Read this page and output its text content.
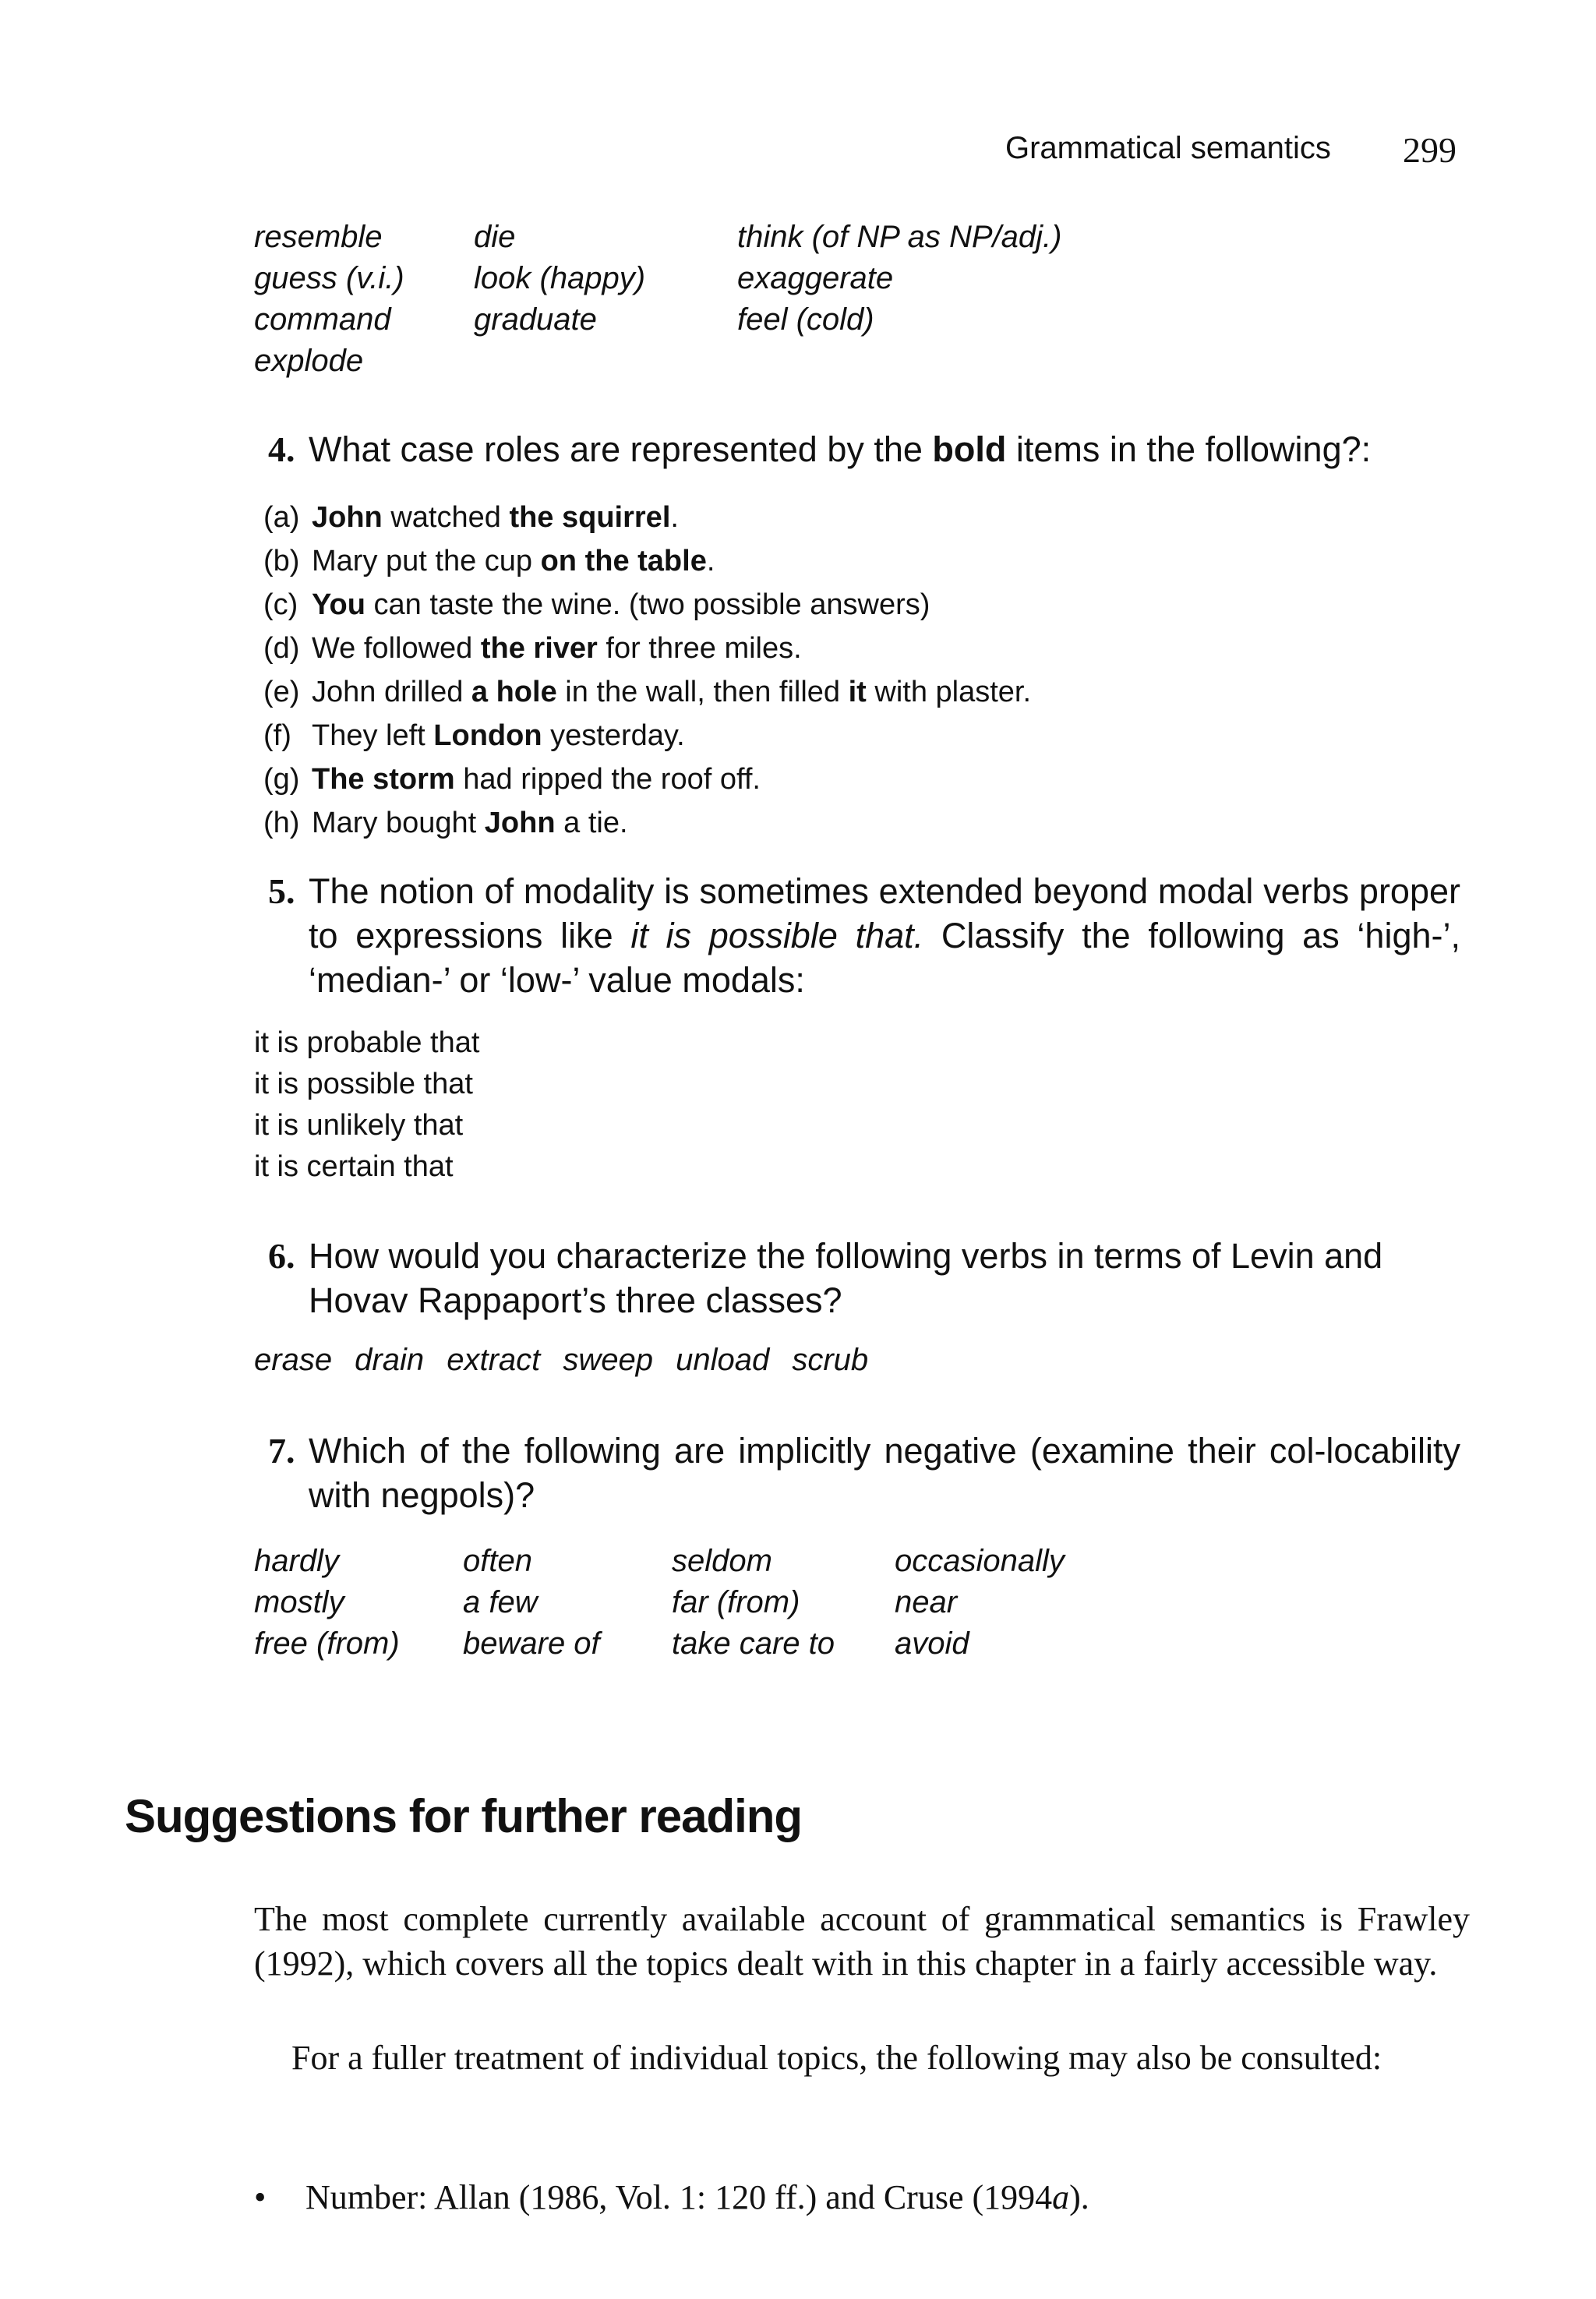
Grammatical semantics 299
resemble	die	think (of NP as NP/adj.)
guess (v.i.)	look (happy)	exaggerate
command	graduate	feel (cold)
explode
4. What case roles are represented by the bold items in the following?:
(a) John watched the squirrel.
(b) Mary put the cup on the table.
(c) You can taste the wine. (two possible answers)
(d) We followed the river for three miles.
(e) John drilled a hole in the wall, then filled it with plaster.
(f) They left London yesterday.
(g) The storm had ripped the roof off.
(h) Mary bought John a tie.
5. The notion of modality is sometimes extended beyond modal verbs proper to expressions like it is possible that. Classify the following as ‘high-’, ‘median-’ or ‘low-’ value modals:
it is probable that
it is possible that
it is unlikely that
it is certain that
6. How would you characterize the following verbs in terms of Levin and Hovav Rappaport’s three classes?
erase drain extract sweep unload scrub
7. Which of the following are implicitly negative (examine their col-locability with negpols)?
hardly	often	seldom	occasionally
mostly	a few	far (from)	near
free (from)	beware of	take care to	avoid
Suggestions for further reading
The most complete currently available account of grammatical semantics is Frawley (1992), which covers all the topics dealt with in this chapter in a fairly accessible way.
For a fuller treatment of individual topics, the following may also be consulted:
• Number: Allan (1986, Vol. 1: 120 ff.) and Cruse (1994a).
